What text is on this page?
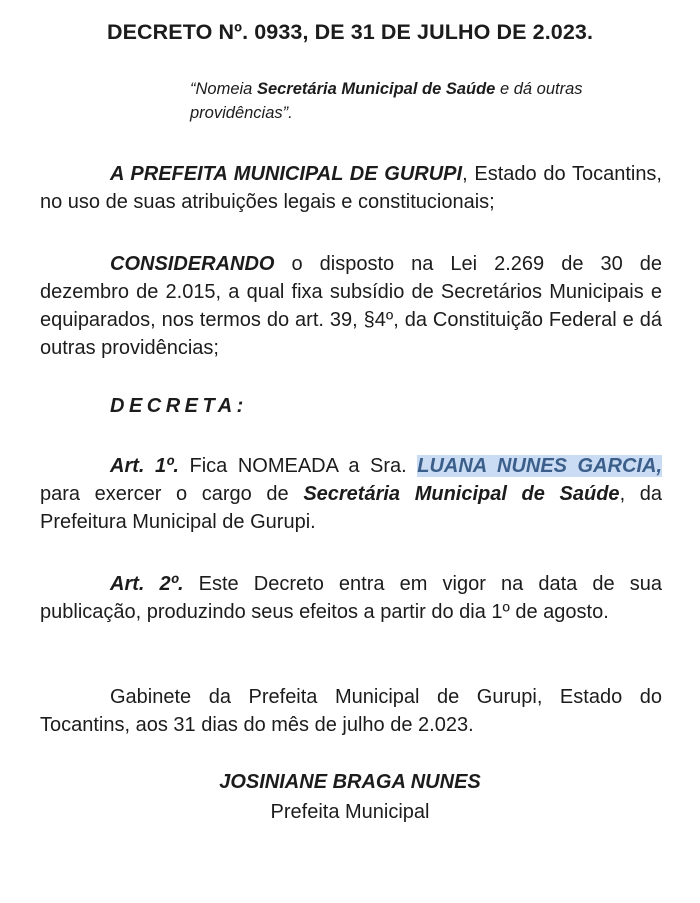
DECRETO Nº. 0933, DE 31 DE JULHO DE 2.023.
“Nomeia Secretária Municipal de Saúde e dá outras providências”.
A PREFEITA MUNICIPAL DE GURUPI, Estado do Tocantins, no uso de suas atribuições legais e constitucionais;
CONSIDERANDO o disposto na Lei 2.269 de 30 de dezembro de 2.015, a qual fixa subsídio de Secretários Municipais e equiparados, nos termos do art. 39, §4º, da Constituição Federal e dá outras providências;
DECRETA:
Art. 1º. Fica NOMEADA a Sra. LUANA NUNES GARCIA, para exercer o cargo de Secretária Municipal de Saúde, da Prefeitura Municipal de Gurupi.
Art. 2º. Este Decreto entra em vigor na data de sua publicação, produzindo seus efeitos a partir do dia 1º de agosto.
Gabinete da Prefeita Municipal de Gurupi, Estado do Tocantins, aos 31 dias do mês de julho de 2.023.
JOSINIANE BRAGA NUNES
Prefeita Municipal
